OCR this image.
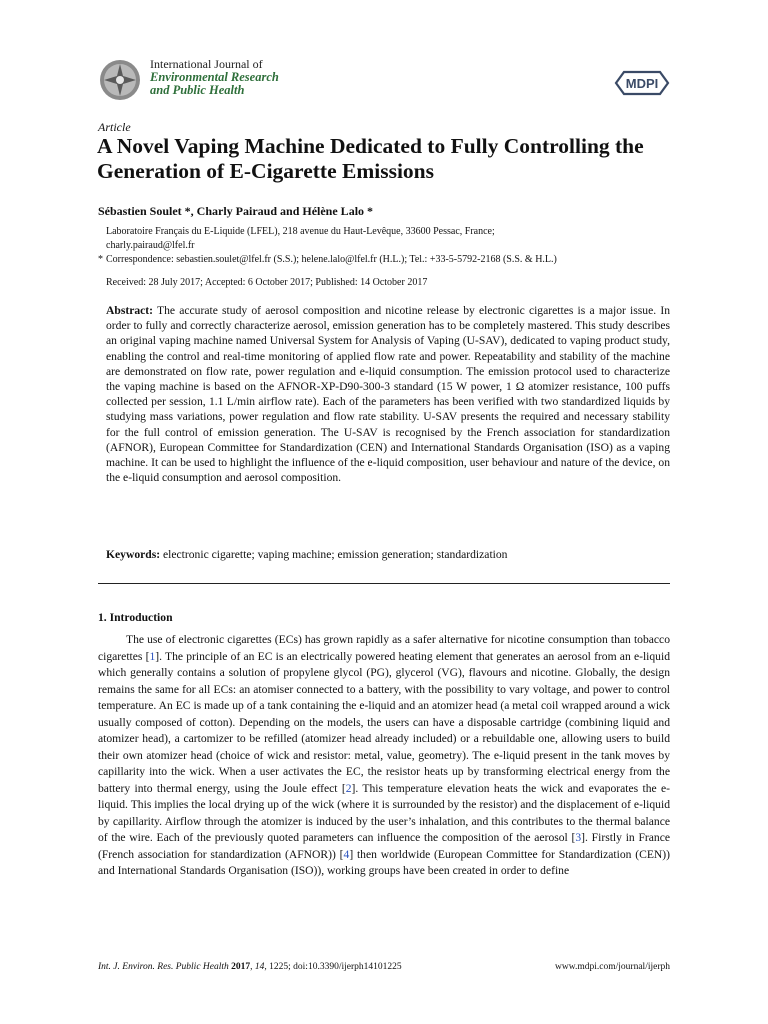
International Journal of
Environmental Research
and Public Health	MDPI
Article
A Novel Vaping Machine Dedicated to Fully Controlling the Generation of E-Cigarette Emissions
Sébastien Soulet *, Charly Pairaud and Hélène Lalo *
Laboratoire Français du E-Liquide (LFEL), 218 avenue du Haut-Levêque, 33600 Pessac, France;
charly.pairaud@lfel.fr
* Correspondence: sebastien.soulet@lfel.fr (S.S.); helene.lalo@lfel.fr (H.L.); Tel.: +33-5-5792-2168 (S.S. & H.L.)
Received: 28 July 2017; Accepted: 6 October 2017; Published: 14 October 2017
Abstract: The accurate study of aerosol composition and nicotine release by electronic cigarettes is a major issue. In order to fully and correctly characterize aerosol, emission generation has to be completely mastered. This study describes an original vaping machine named Universal System for Analysis of Vaping (U-SAV), dedicated to vaping product study, enabling the control and real-time monitoring of applied flow rate and power. Repeatability and stability of the machine are demonstrated on flow rate, power regulation and e-liquid consumption. The emission protocol used to characterize the vaping machine is based on the AFNOR-XP-D90-300-3 standard (15 W power, 1 Ω atomizer resistance, 100 puffs collected per session, 1.1 L/min airflow rate). Each of the parameters has been verified with two standardized liquids by studying mass variations, power regulation and flow rate stability. U-SAV presents the required and necessary stability for the full control of emission generation. The U-SAV is recognised by the French association for standardization (AFNOR), European Committee for Standardization (CEN) and International Standards Organisation (ISO) as a vaping machine. It can be used to highlight the influence of the e-liquid composition, user behaviour and nature of the device, on the e-liquid consumption and aerosol composition.
Keywords: electronic cigarette; vaping machine; emission generation; standardization
1. Introduction

The use of electronic cigarettes (ECs) has grown rapidly as a safer alternative for nicotine consumption than tobacco cigarettes [1]. The principle of an EC is an electrically powered heating element that generates an aerosol from an e-liquid which generally contains a solution of propylene glycol (PG), glycerol (VG), flavours and nicotine. Globally, the design remains the same for all ECs: an atomiser connected to a battery, with the possibility to vary voltage, and power to control temperature. An EC is made up of a tank containing the e-liquid and an atomizer head (a metal coil wrapped around a wick usually composed of cotton). Depending on the models, the users can have a disposable cartridge (combining liquid and atomizer head), a cartomizer to be refilled (atomizer head already included) or a rebuildable one, allowing users to build their own atomizer head (choice of wick and resistor: metal, value, geometry). The e-liquid present in the tank moves by capillarity into the wick. When a user activates the EC, the resistor heats up by transforming electrical energy from the battery into thermal energy, using the Joule effect [2]. This temperature elevation heats the wick and evaporates the e-liquid. This implies the local drying up of the wick (where it is surrounded by the resistor) and the displacement of e-liquid by capillarity. Airflow through the atomizer is induced by the user’s inhalation, and this contributes to the thermal balance of the wire. Each of the previously quoted parameters can influence the composition of the aerosol [3]. Firstly in France (French association for standardization (AFNOR)) [4] then worldwide (European Committee for Standardization (CEN)) and International Standards Organisation (ISO)), working groups have been created in order to define

Int. J. Environ. Res. Public Health 2017, 14, 1225; doi:10.3390/ijerph14101225	www.mdpi.com/journal/ijerph
